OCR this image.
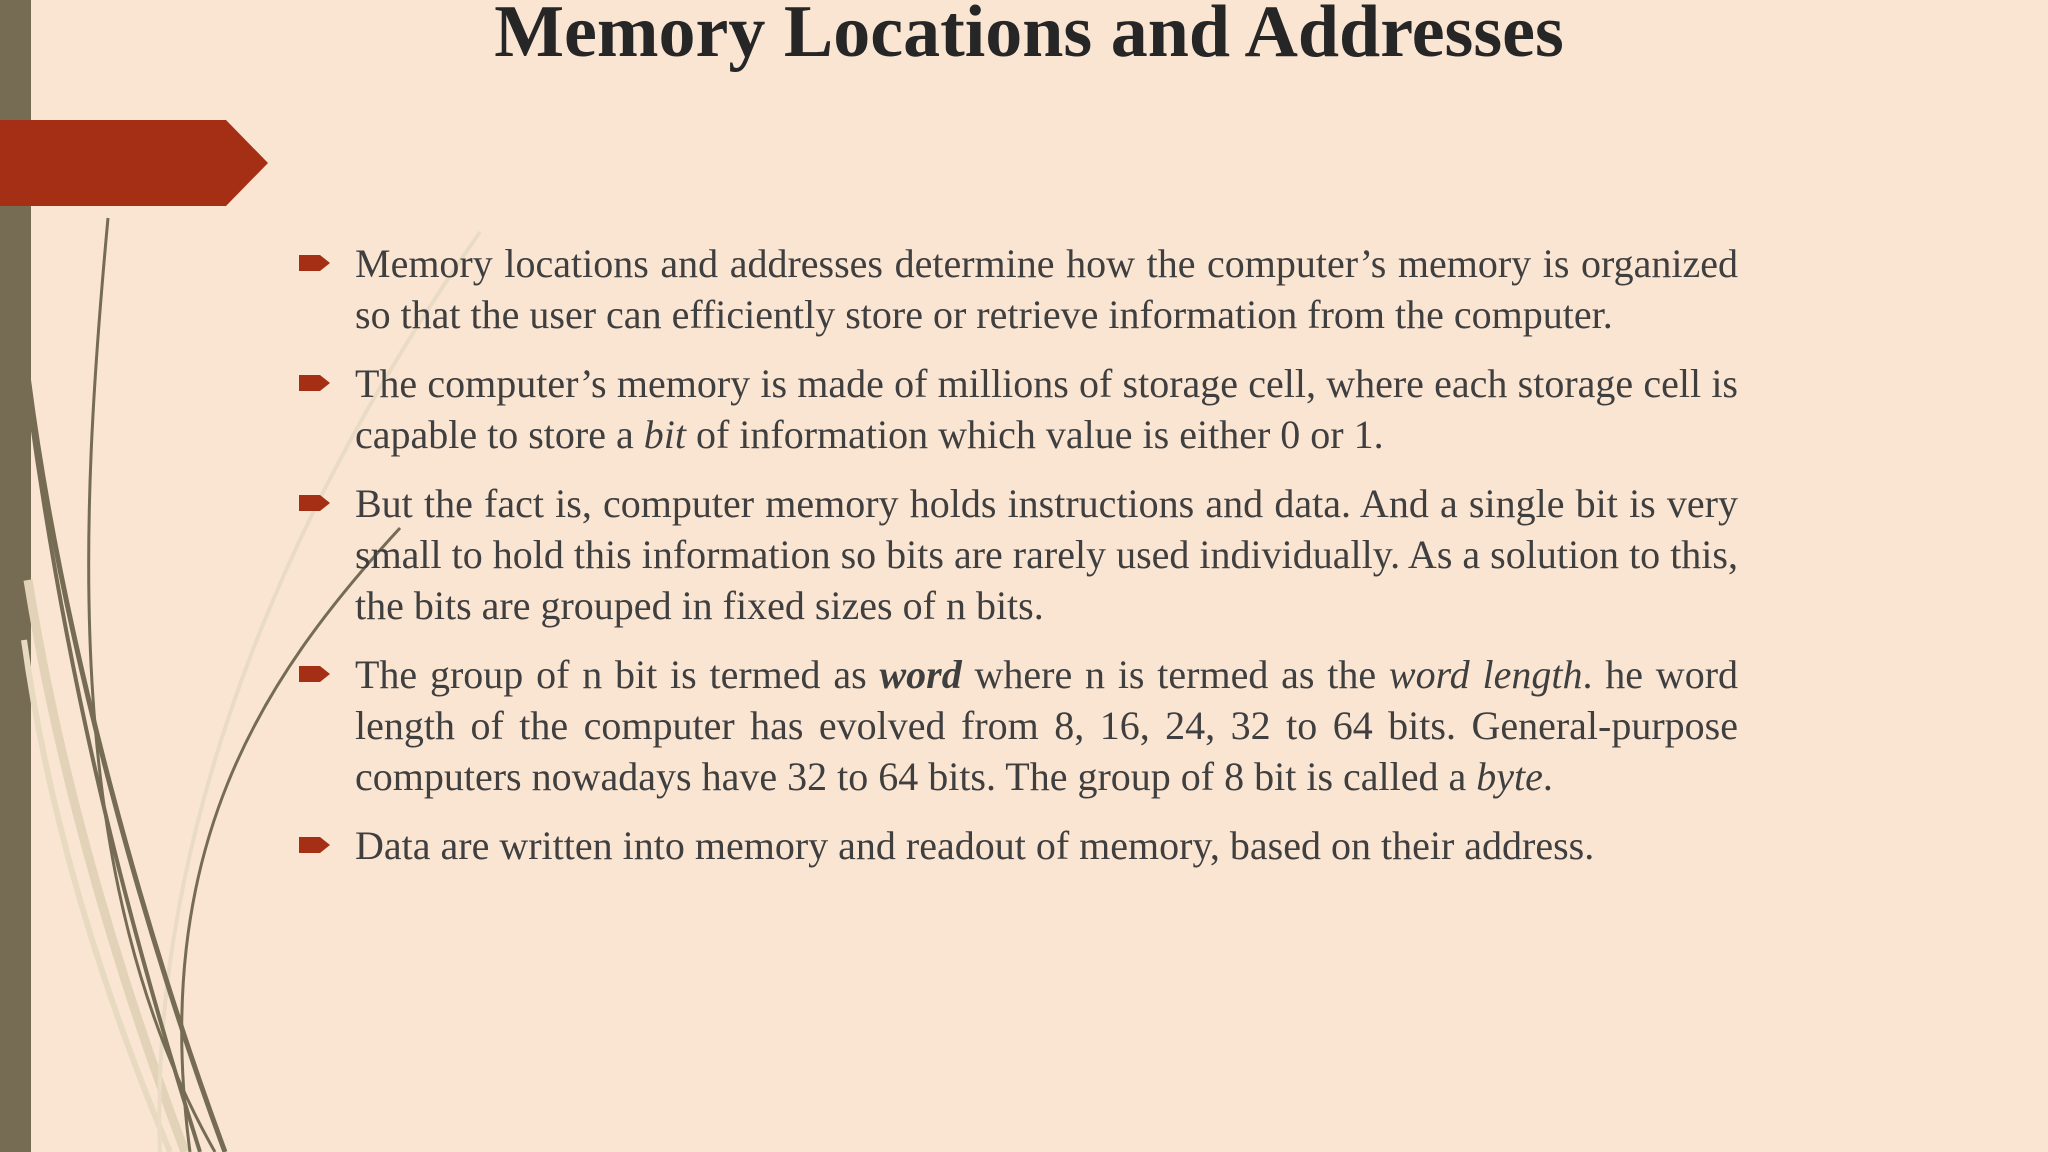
Memory Locations and Addresses
Memory locations and addresses determine how the computer’s memory is organized so that the user can efficiently store or retrieve information from the computer.
The computer’s memory is made of millions of storage cell, where each storage cell is capable to store a bit of information which value is either 0 or 1.
But the fact is, computer memory holds instructions and data. And a single bit is very small to hold this information so bits are rarely used individually. As a solution to this, the bits are grouped in fixed sizes of n bits.
The group of n bit is termed as word where n is termed as the word length. he word length of the computer has evolved from 8, 16, 24, 32 to 64 bits. General-purpose computers nowadays have 32 to 64 bits. The group of 8 bit is called a byte.
Data are written into memory and readout of memory, based on their address.
